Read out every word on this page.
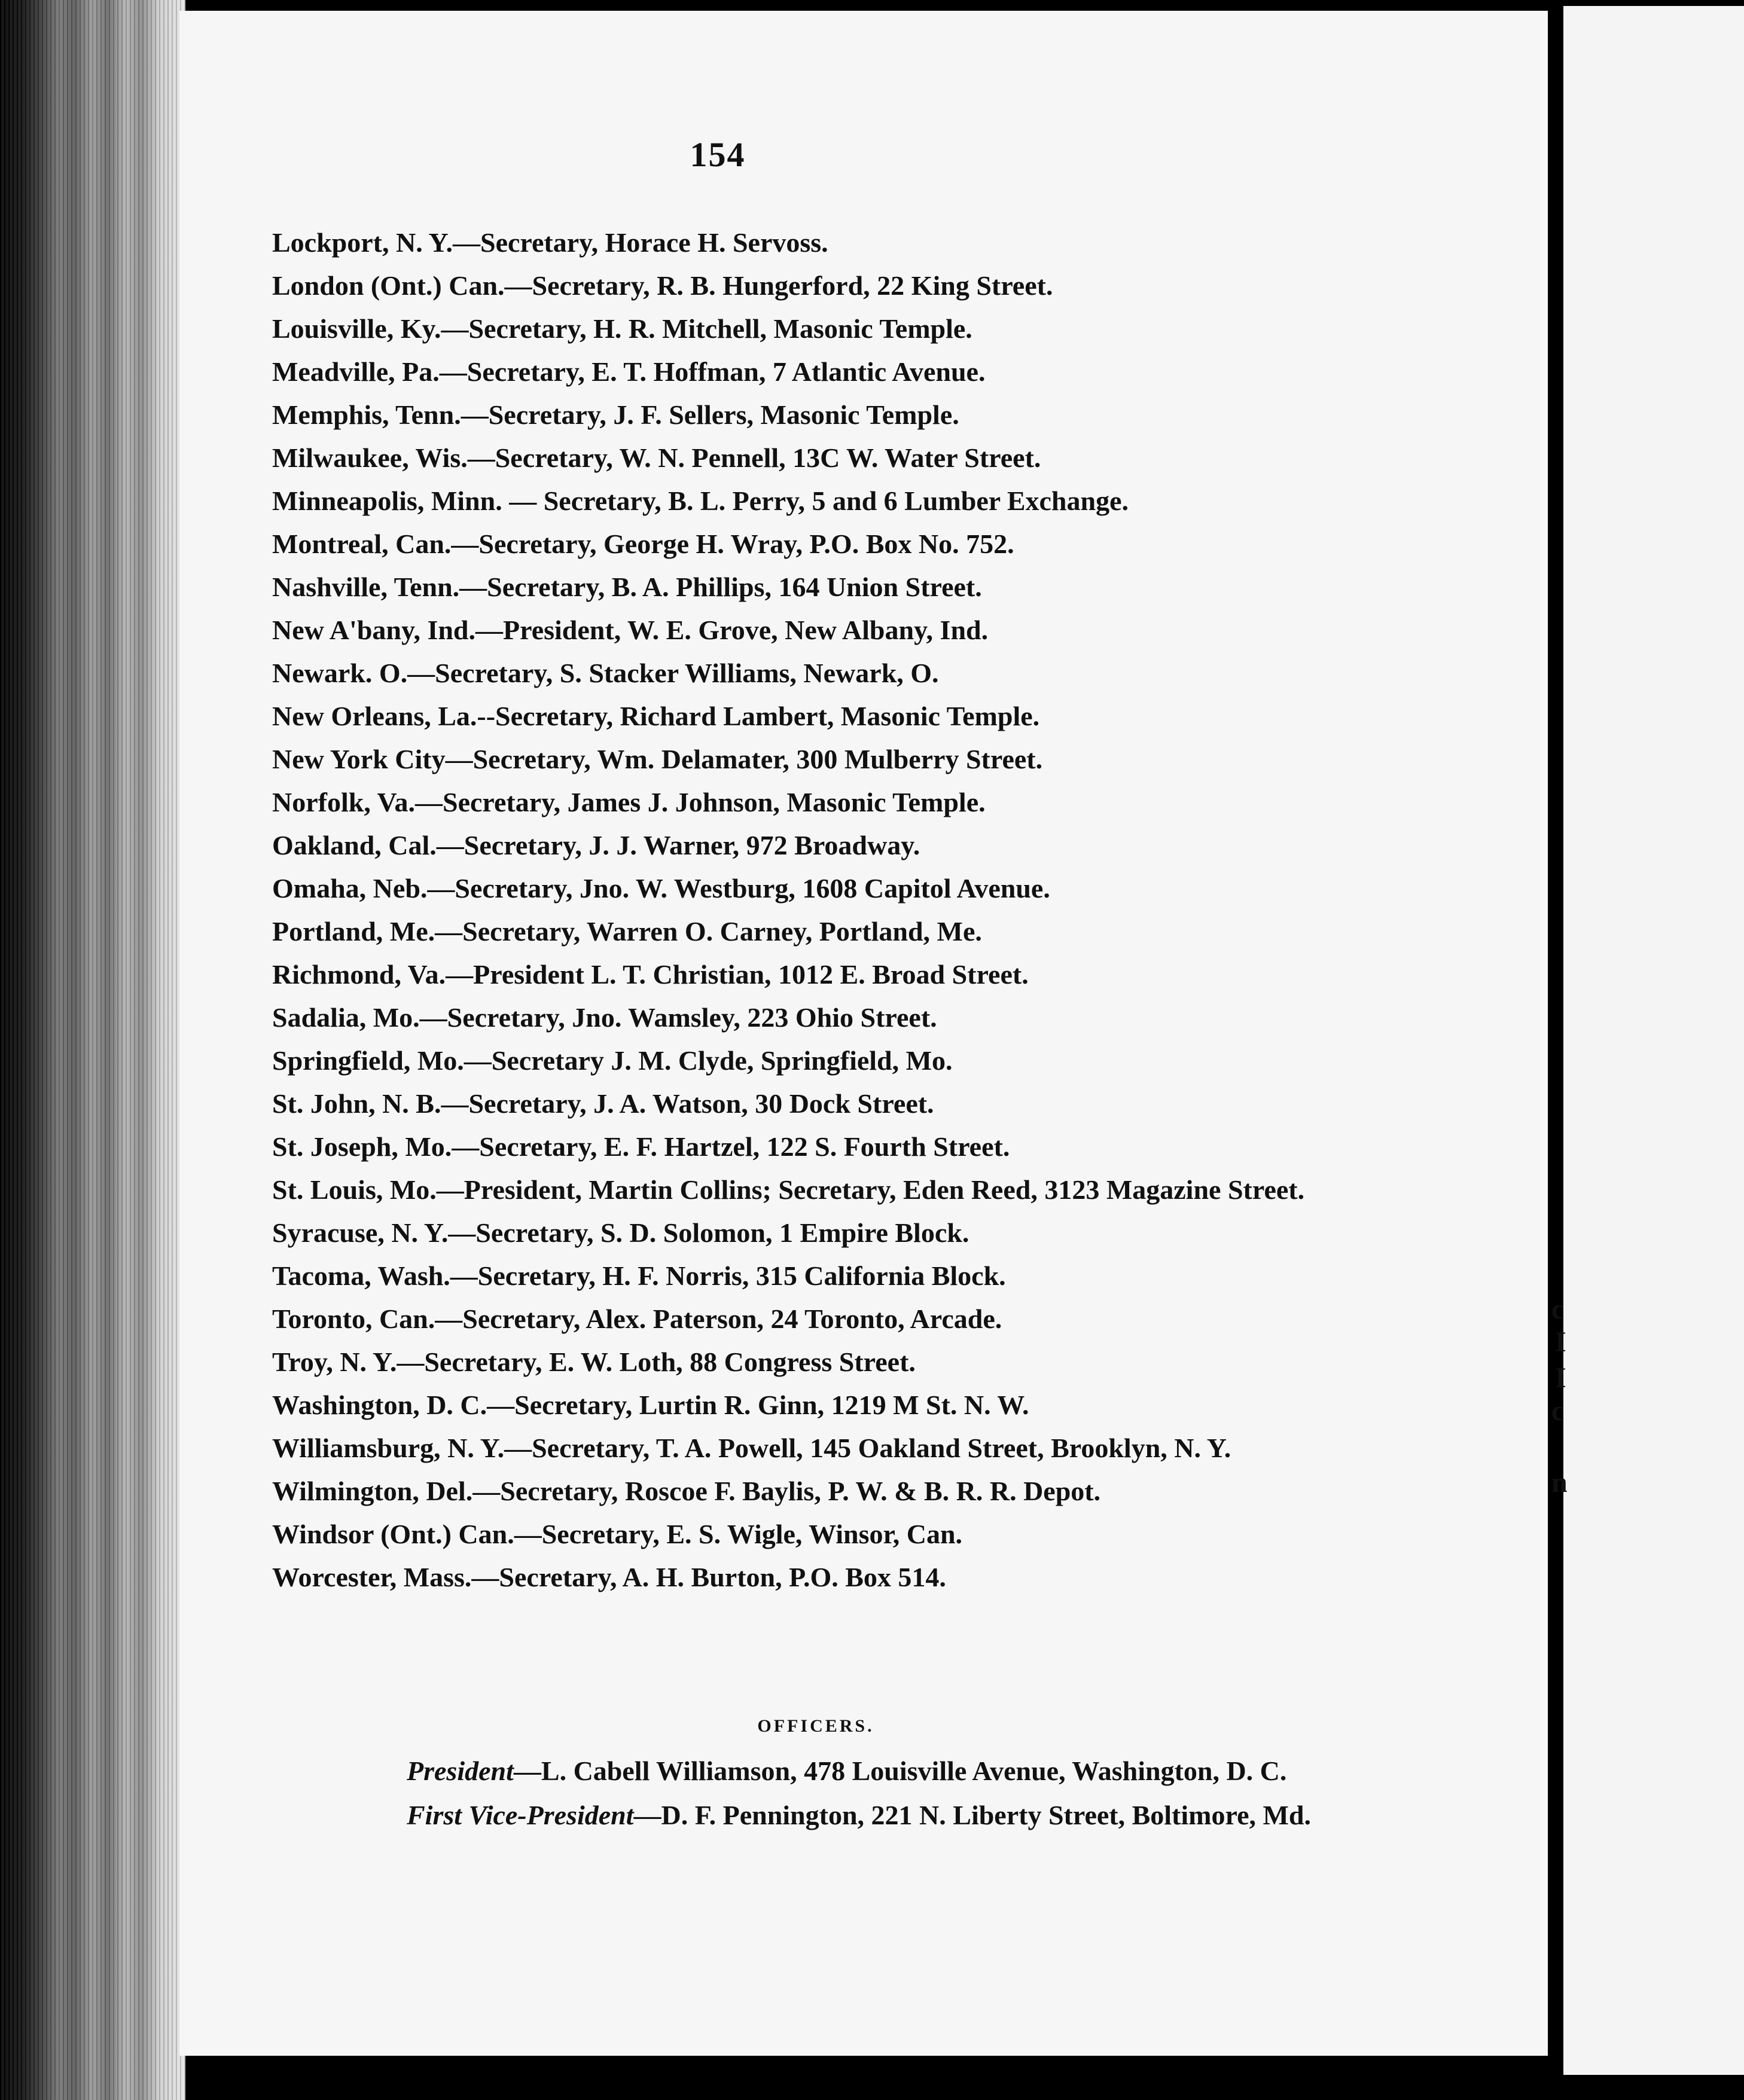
c
I
I
c
n
154
Lockport, N. Y.—Secretary, Horace H. Servoss.
London (Ont.) Can.—Secretary, R. B. Hungerford, 22 King Street.
Louisville, Ky.—Secretary, H. R. Mitchell, Masonic Temple.
Meadville, Pa.—Secretary, E. T. Hoffman, 7 Atlantic Avenue.
Memphis, Tenn.—Secretary, J. F. Sellers, Masonic Temple.
Milwaukee, Wis.—Secretary, W. N. Pennell, 13C W. Water Street.
Minneapolis, Minn. — Secretary, B. L. Perry, 5 and 6 Lumber Exchange.
Montreal, Can.—Secretary, George H. Wray, P.O. Box No. 752.
Nashville, Tenn.—Secretary, B. A. Phillips, 164 Union Street.
New A'bany, Ind.—President, W. E. Grove, New Albany, Ind.
Newark. O.—Secretary, S. Stacker Williams, Newark, O.
New Orleans, La.--Secretary, Richard Lambert, Masonic Temple.
New York City—Secretary, Wm. Delamater, 300 Mulberry Street.
Norfolk, Va.—Secretary, James J. Johnson, Masonic Temple.
Oakland, Cal.—Secretary, J. J. Warner, 972 Broadway.
Omaha, Neb.—Secretary, Jno. W. Westburg, 1608 Capitol Avenue.
Portland, Me.—Secretary, Warren O. Carney, Portland, Me.
Richmond, Va.—President L. T. Christian, 1012 E. Broad Street.
Sadalia, Mo.—Secretary, Jno. Wamsley, 223 Ohio Street.
Springfield, Mo.—Secretary J. M. Clyde, Springfield, Mo.
St. John, N. B.—Secretary, J. A. Watson, 30 Dock Street.
St. Joseph, Mo.—Secretary, E. F. Hartzel, 122 S. Fourth Street.
St. Louis, Mo.—President, Martin Collins; Secretary, Eden Reed, 3123 Magazine Street.
Syracuse, N. Y.—Secretary, S. D. Solomon, 1 Empire Block.
Tacoma, Wash.—Secretary, H. F. Norris, 315 California Block.
Toronto, Can.—Secretary, Alex. Paterson, 24 Toronto, Arcade.
Troy, N. Y.—Secretary, E. W. Loth, 88 Congress Street.
Washington, D. C.—Secretary, Lurtin R. Ginn, 1219 M St. N. W.
Williamsburg, N. Y.—Secretary, T. A. Powell, 145 Oakland Street, Brooklyn, N. Y.
Wilmington, Del.—Secretary, Roscoe F. Baylis, P. W. & B. R. R. Depot.
Windsor (Ont.) Can.—Secretary, E. S. Wigle, Winsor, Can.
Worcester, Mass.—Secretary, A. H. Burton, P.O. Box 514.
OFFICERS.
President—L. Cabell Williamson, 478 Louisville Avenue, Washington, D. C.
First Vice-President—D. F. Pennington, 221 N. Liberty Street, Boltimore, Md.
